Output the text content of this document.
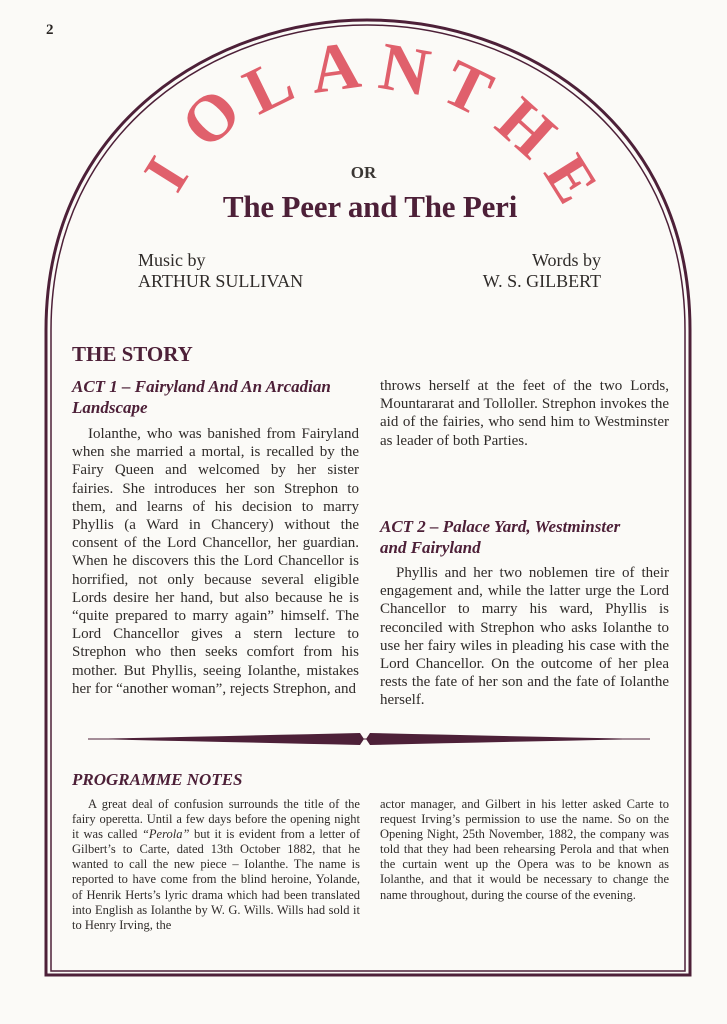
2
I
O
L A N
T
H
E
OR
The Peer and The Peri
Music by
ARTHUR SULLIVAN
Words by
W. S. GILBERT
THE STORY
ACT 1 – Fairyland And An Arcadian
Landscape

Iolanthe, who was banished from Fairyland when she married a mortal, is recalled by the Fairy Queen and welcomed by her sister fairies. She introduces her son Strephon to them, and learns of his decision to marry Phyllis (a Ward in Chancery) without the consent of the Lord Chancellor, her guardian. When he discovers this the Lord Chancellor is horrified, not only because several eligible Lords desire her hand, but also because he is “quite prepared to marry again” himself. The Lord Chancellor gives a stern lecture to Strephon who then seeks comfort from his mother. But Phyllis, seeing Iolanthe, mistakes her for “another woman”, rejects Strephon, and

throws herself at the feet of the two Lords, Mountararat and Tolloller. Strephon invokes the aid of the fairies, who send him to Westminster as leader of both Parties.

ACT 2 – Palace Yard, Westminster
and Fairyland

Phyllis and her two noblemen tire of their engagement and, while the latter urge the Lord Chancellor to marry his ward, Phyllis is reconciled with Strephon who asks Iolanthe to use her fairy wiles in pleading his case with the Lord Chancellor. On the outcome of her plea rests the fate of her son and the fate of Iolanthe herself.

PROGRAMME NOTES

A great deal of confusion surrounds the title of the fairy operetta. Until a few days before the opening night it was called “Perola” but it is evident from a letter of Gilbert’s to Carte, dated 13th October 1882, that he wanted to call the new piece – Iolanthe. The name is reported to have come from the blind heroine, Yolande, of Henrik Herts’s lyric drama which had been translated into English as Iolanthe by W. G. Wills. Wills had sold it to Henry Irving, the

actor manager, and Gilbert in his letter asked Carte to request Irving’s permission to use the name. So on the Opening Night, 25th November, 1882, the company was told that they had been rehearsing Perola and that when the curtain went up the Opera was to be known as Iolanthe, and that it would be necessary to change the name throughout, during the course of the evening.
